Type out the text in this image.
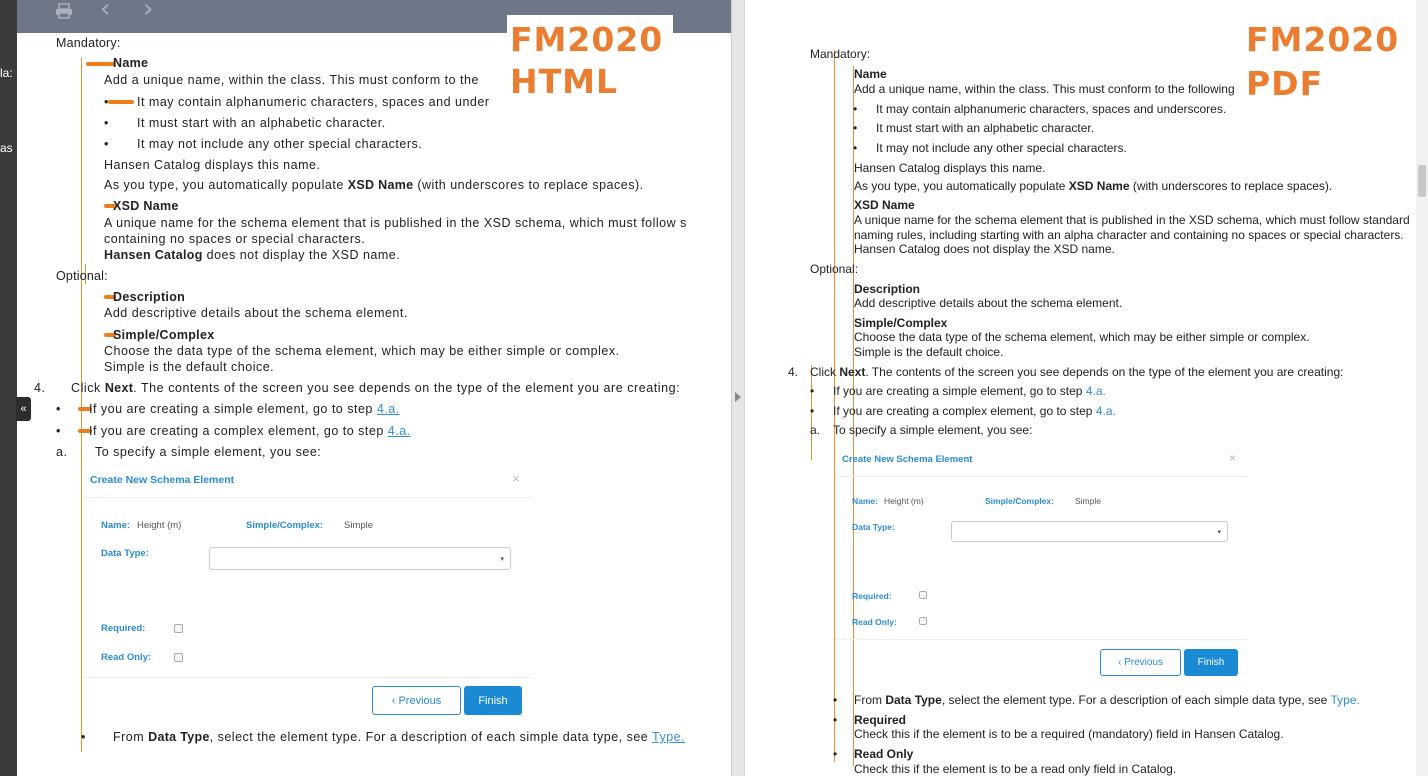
‹ ›
la:
as
«
FM2020
HTML
Mandatory:
Name
Add a unique name, within the class. This must conform to the
• It may contain alphanumeric characters, spaces and under
• It must start with an alphabetic character.
• It may not include any other special characters.
Hansen Catalog displays this name.
As you type, you automatically populate XSD Name (with underscores to replace spaces).
XSD Name
A unique name for the schema element that is published in the XSD schema, which must follow s
containing no spaces or special characters.
Hansen Catalog does not display the XSD name.
Optional:
Description
Add descriptive details about the schema element.
Simple/Complex
Choose the data type of the schema element, which may be either simple or complex.
Simple is the default choice.
4. Click Next. The contents of the screen you see depends on the type of the element you are creating:
• If you are creating a simple element, go to step 4.a.
• If you are creating a complex element, go to step 4.a.
a. To specify a simple element, you see:
Create New Schema Element	×
Name: Height (m)	Simple/Complex: Simple
Data Type:	▾
Required:
Read Only:
‹ Previous	Finish
• From Data Type, select the element type. For a description of each simple data type, see Type.
FM2020
PDF
Mandatory:
Name
Add a unique name, within the class. This must conform to the following
• It may contain alphanumeric characters, spaces and underscores.
• It must start with an alphabetic character.
• It may not include any other special characters.
Hansen Catalog displays this name.
As you type, you automatically populate XSD Name (with underscores to replace spaces).
XSD Name
A unique name for the schema element that is published in the XSD schema, which must follow standard
naming rules, including starting with an alpha character and containing no spaces or special characters.
Hansen Catalog does not display the XSD name.
Optional:
Description
Add descriptive details about the schema element.
Simple/Complex
Choose the data type of the schema element, which may be either simple or complex.
Simple is the default choice.
4. Click Next. The contents of the screen you see depends on the type of the element you are creating:
• If you are creating a simple element, go to step 4.a.
• If you are creating a complex element, go to step 4.a.
a. To specify a simple element, you see:
Create New Schema Element	×
Name: Height (m)	Simple/Complex: Simple
Data Type:	▾
Required:
Read Only:
‹ Previous	Finish
• From Data Type, select the element type. For a description of each simple data type, see Type.
• Required
Check this if the element is to be a required (mandatory) field in Hansen Catalog.
• Read Only
Check this if the element is to be a read only field in Catalog.
